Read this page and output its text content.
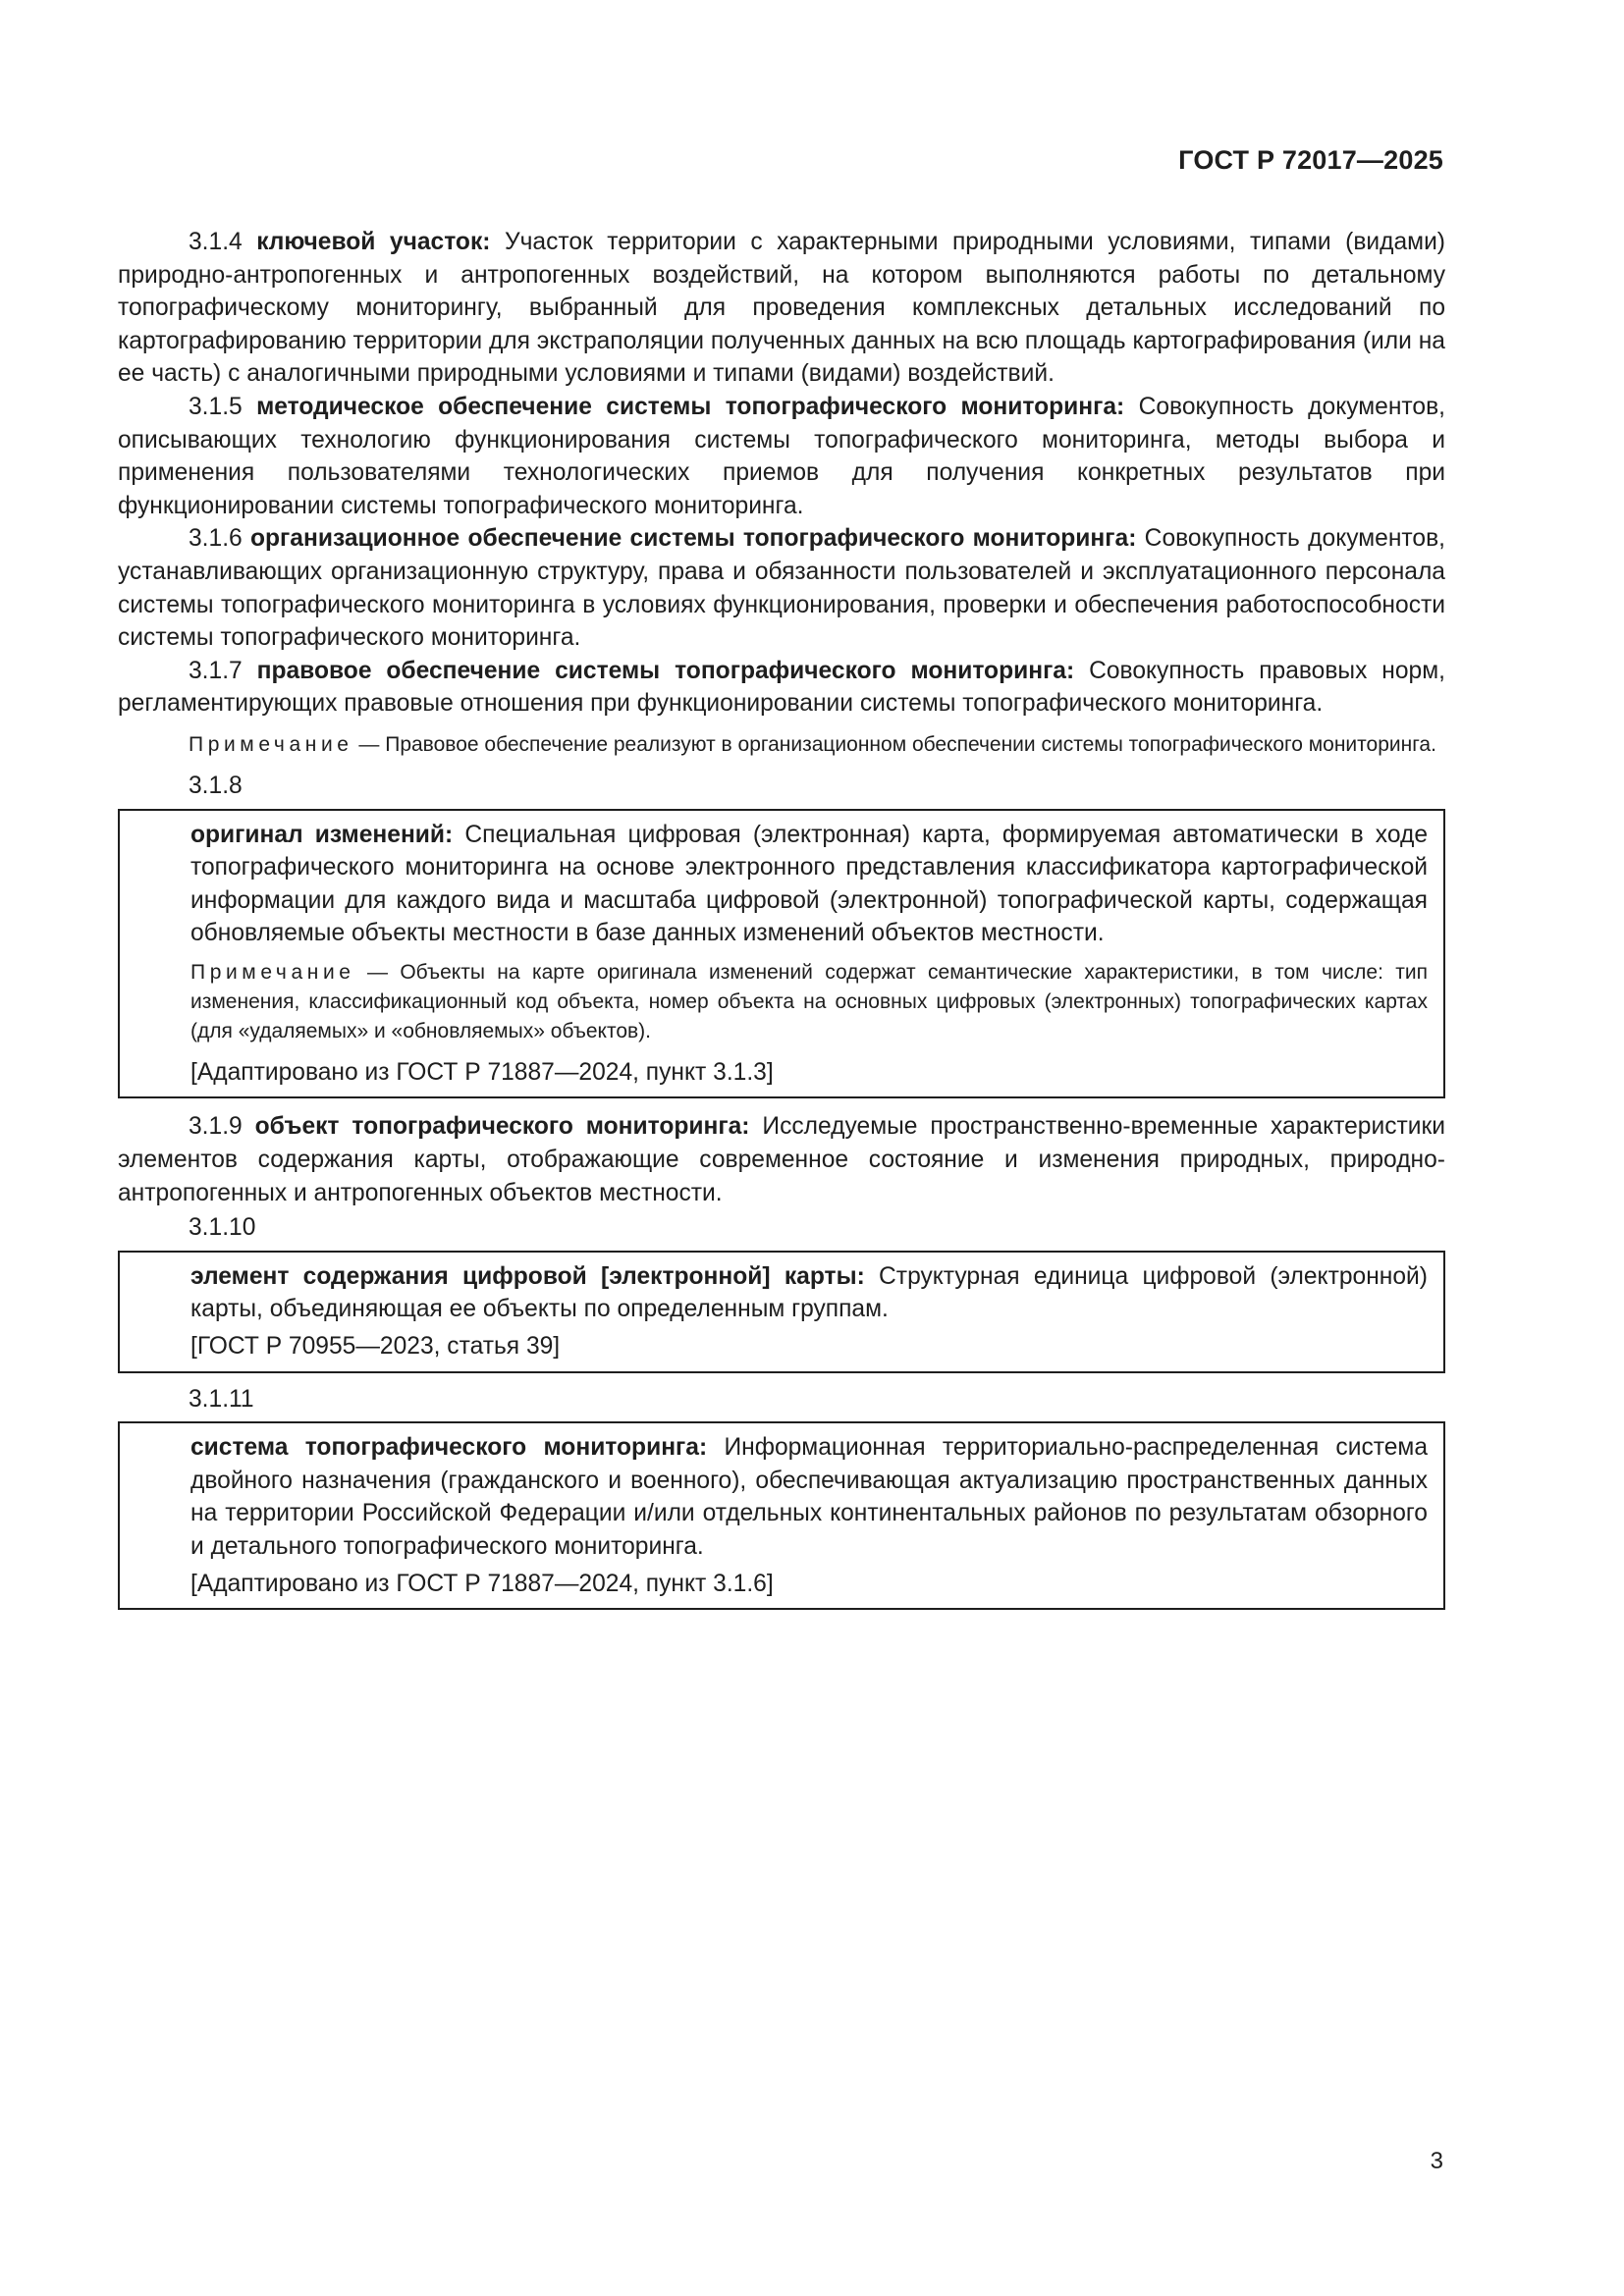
ГОСТ Р 72017—2025

3.1.4 ключевой участок: Участок территории с характерными природными условиями, типами (видами) природно-антропогенных и антропогенных воздействий, на котором выполняются работы по детальному топографическому мониторингу, выбранный для проведения комплексных детальных исследований по картографированию территории для экстраполяции полученных данных на всю площадь картографирования (или на ее часть) с аналогичными природными условиями и типами (видами) воздействий.

3.1.5 методическое обеспечение системы топографического мониторинга: Совокупность документов, описывающих технологию функционирования системы топографического мониторинга, методы выбора и применения пользователями технологических приемов для получения конкретных результатов при функционировании системы топографического мониторинга.

3.1.6 организационное обеспечение системы топографического мониторинга: Совокупность документов, устанавливающих организационную структуру, права и обязанности пользователей и эксплуатационного персонала системы топографического мониторинга в условиях функционирования, проверки и обеспечения работоспособности системы топографического мониторинга.

3.1.7 правовое обеспечение системы топографического мониторинга: Совокупность правовых норм, регламентирующих правовые отношения при функционировании системы топографического мониторинга.

Примечание — Правовое обеспечение реализуют в организационном обеспечении системы топографического мониторинга.

3.1.8

оригинал изменений: Специальная цифровая (электронная) карта, формируемая автоматически в ходе топографического мониторинга на основе электронного представления классификатора картографической информации для каждого вида и масштаба цифровой (электронной) топографической карты, содержащая обновляемые объекты местности в базе данных изменений объектов местности.

Примечание — Объекты на карте оригинала изменений содержат семантические характеристики, в том числе: тип изменения, классификационный код объекта, номер объекта на основных цифровых (электронных) топографических картах (для «удаляемых» и «обновляемых» объектов).

[Адаптировано из ГОСТ Р 71887—2024, пункт 3.1.3]

3.1.9 объект топографического мониторинга: Исследуемые пространственно-временные характеристики элементов содержания карты, отображающие современное состояние и изменения природных, природно-антропогенных и антропогенных объектов местности.

3.1.10

элемент содержания цифровой [электронной] карты: Структурная единица цифровой (электронной) карты, объединяющая ее объекты по определенным группам.

[ГОСТ Р 70955—2023, статья 39]

3.1.11

система топографического мониторинга: Информационная территориально-распределенная система двойного назначения (гражданского и военного), обеспечивающая актуализацию пространственных данных на территории Российской Федерации и/или отдельных континентальных районов по результатам обзорного и детального топографического мониторинга.

[Адаптировано из ГОСТ Р 71887—2024, пункт 3.1.6]

3
